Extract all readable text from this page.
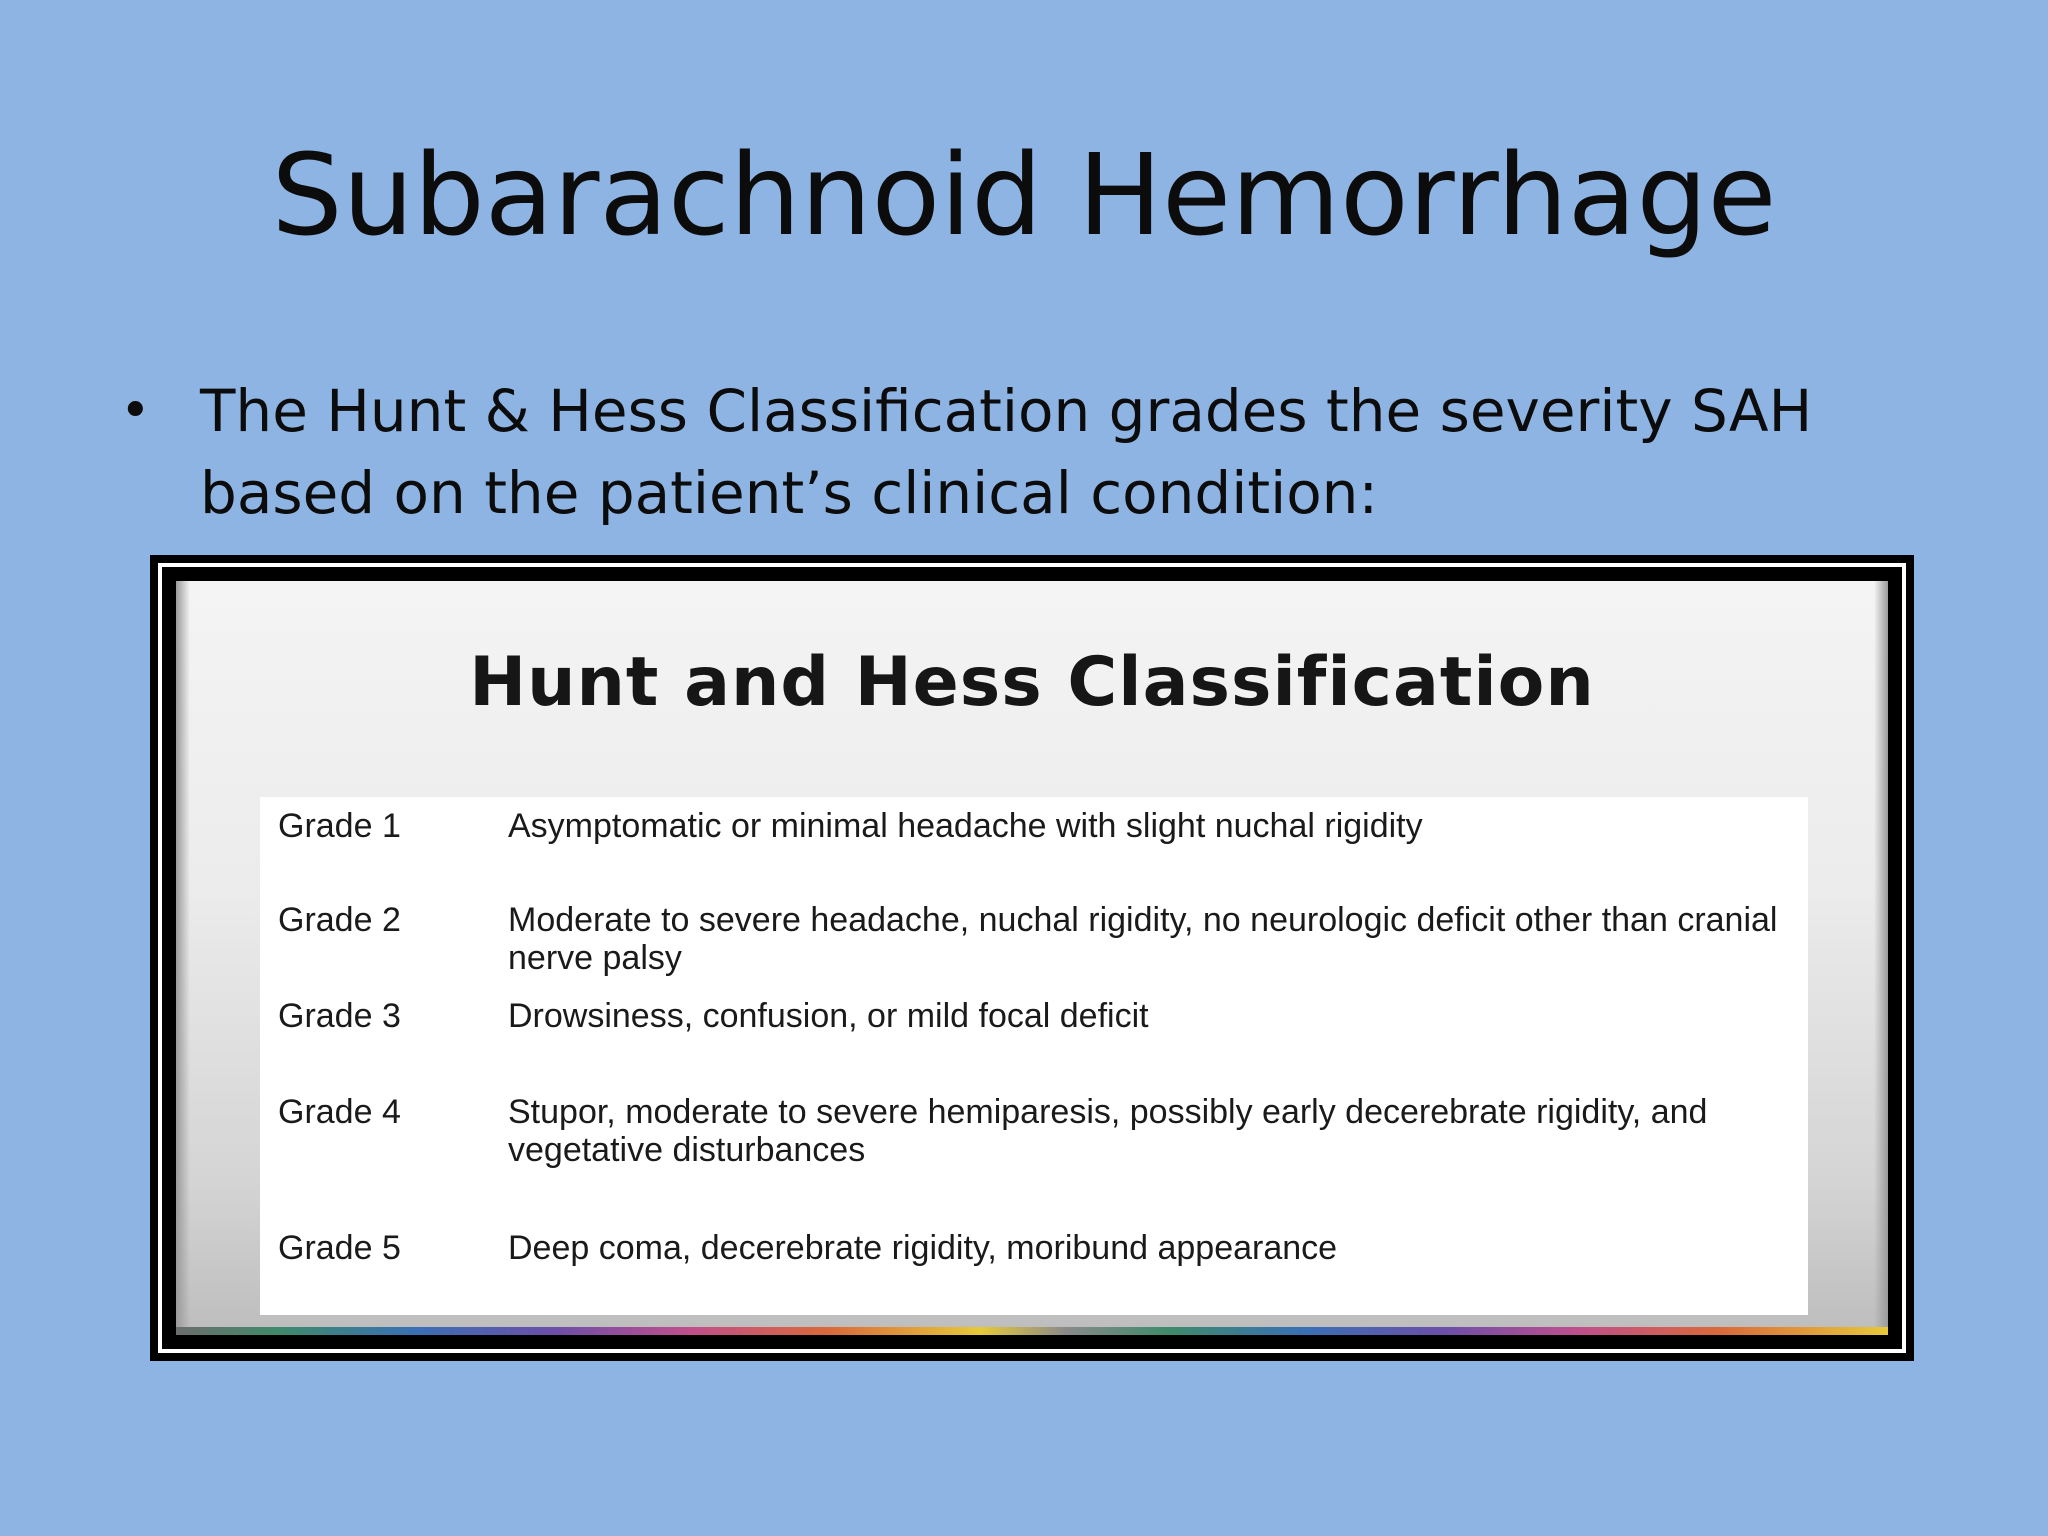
Subarachnoid Hemorrhage
• The Hunt & Hess Classification grades the severity SAH based on the patient’s clinical condition:
Hunt and Hess Classification
Grade 1	Asymptomatic or minimal headache with slight nuchal rigidity
Grade 2	Moderate to severe headache, nuchal rigidity, no neurologic deficit other than cranial nerve palsy
Grade 3	Drowsiness, confusion, or mild focal deficit
Grade 4	Stupor, moderate to severe hemiparesis, possibly early decerebrate rigidity, and vegetative disturbances
Grade 5	Deep coma, decerebrate rigidity, moribund appearance
